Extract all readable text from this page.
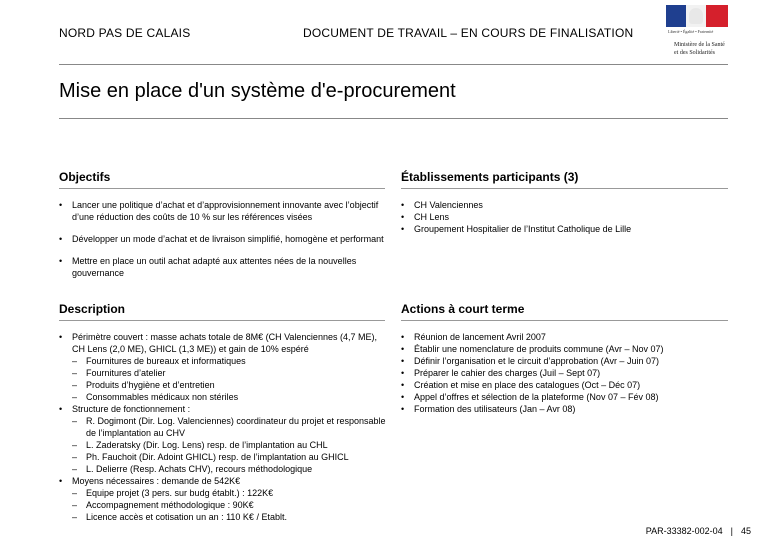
NORD PAS DE CALAIS	DOCUMENT DE TRAVAIL – EN COURS DE FINALISATION	Liberté • Égalité • Fraternité
Ministère de la Santé
et des Solidarités
Mise en place d'un système d'e-procurement
Objectifs
• Lancer une politique d’achat et d’approvisionnement innovante avec l’objectif d’une réduction des coûts de 10 % sur les références visées
• Développer un mode d’achat et de livraison simplifié, homogène et performant
• Mettre en place un outil achat adapté aux attentes nées de la nouvelles gouvernance
Établissements participants (3)
• CH Valenciennes
• CH Lens
• Groupement Hospitalier de l’Institut Catholique de Lille
Description
• Périmètre couvert : masse achats totale de 8M€ (CH Valenciennes (4,7 ME), CH Lens (2,0 ME), GHICL (1,3 ME)) et gain de 10% espéré
– Fournitures de bureaux et informatiques
– Fournitures d’atelier
– Produits d’hygiène et d’entretien
– Consommables médicaux non stériles
• Structure de fonctionnement :
– R. Dogimont (Dir. Log. Valenciennes) coordinateur du projet et responsable de l’implantation au CHV
– L. Zaderatsky (Dir. Log. Lens) resp. de l’implantation au CHL
– Ph. Fauchoit (Dir. Adoint GHICL) resp. de l’implantation au GHICL
– L. Delierre (Resp. Achats CHV), recours méthodologique
• Moyens nécessaires : demande de 542K€
– Equipe projet (3 pers. sur budg établt.) : 122K€
– Accompagnement méthodologique : 90K€
– Licence accès et cotisation un an : 110 K€ / Etablt.
Actions à court terme
• Réunion de lancement Avril 2007
• Établir une nomenclature de produits commune (Avr – Nov 07)
• Définir l’organisation et le circuit d’approbation (Avr – Juin 07)
• Préparer le cahier des charges (Juil – Sept 07)
• Création et mise en place des catalogues (Oct – Déc 07)
• Appel d’offres et sélection de la plateforme (Nov 07 – Fév 08)
• Formation des utilisateurs (Jan – Avr 08)
PAR-33382-002-04 | 45
